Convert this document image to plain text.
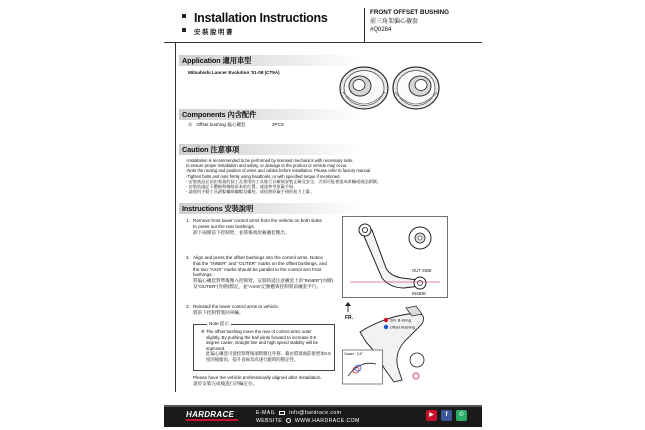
Installation Instructions
安裝說明書
FRONT OFFSET BUSHING
前三角架偏心襯套
#Q0284
Application 適用車型
Mitsubishi Lancer Evolution '01-08 (CT9A)
Components 內含配件
① Offset bushing 偏心襯套	2PCS
Caution 注意事項
-Installation is recommended to be performed by licensed mechanics with necessary tools
to ensure proper installation and safety, or damage to the product or vehicle may occur.
-Note the routing and position of wires and cables before installation. Please refer to factory manual.
-Tighten bolts and nuts firmly using handtools, or with specified torque if mentioned.
- 安裝商品必須由專業的技工及專用的工具進行以確保安裝正確及安全，否則可能會造成車輛或商品損壞。
- 安裝前請記下纜線和線路原本的位置，或請參考原廠手冊。
- 請使用手動工具鎖緊螺絲螺帽及螺栓，或依照原廠手冊的扭力上緊。
Instructions 安裝說明
1. Remove front lower control arms from the vehicle on both sides
to press out the rear bushings.
卸下兩側前下控制臂，並將後端原廠襯套壓出。
2. Align and press the offset bushings into the control arms. Notice
that the "INNER" and "OUTER" marks on the offset bushings, and
the two "AXIS" marks should be parallel to the control arm front
bushings.
將偏心襯套對準後壓入控制臂，安裝時請注意襯套上的"INNER"(內側)
及"OUTER"(外側)標記，並"AXIS"記號應與控制臂前襯套平行。
3. Reinstall the lower control arms to vehicle.
將前下控制臂裝回車輛。
Note 提示
※ The offset bushing move the rear of control arms outer
slightly. By pushing the ball joints forward to increase 0.5
degree caster, straight line and high speed stability will be
improved.
此偏心襯套可使控制臂後端稍微往外移，藉由將球頭前推增加0.5
度的後傾角，提升直線及高速行駛時的穩定性。
Please have the vehicle professionally aligned after installation.
請於安裝完成後進行四輪定位。
OUT SIDE
INSIDE
FR.	Std. B-string
Offset Bushing
Caster : 0.5°
HARDRACE	E-MAIL	info@hardrace.com
WEBSITE WWW.HARDRACE.COM
▶	f	✆
